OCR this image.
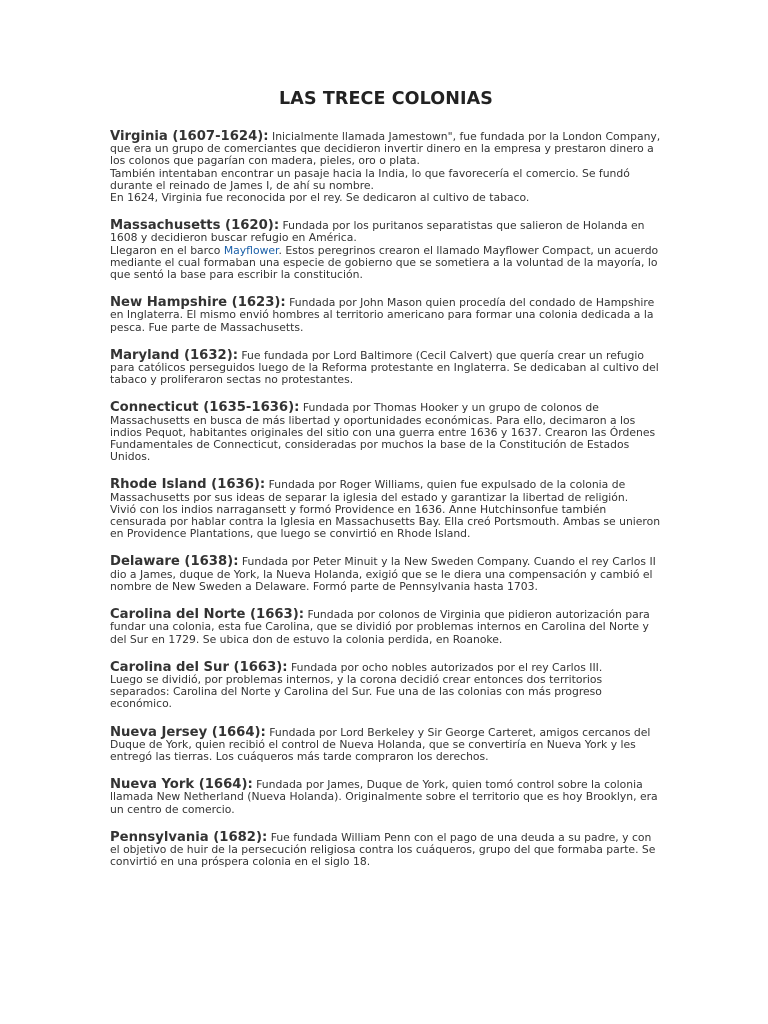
LAS TRECE COLONIAS

Virginia (1607-1624): Inicialmente llamada Jamestown", fue fundada por la London Company, que era un grupo de comerciantes que decidieron invertir dinero en la empresa y prestaron dinero a los colonos que pagarían con madera, pieles, oro o plata.

También intentaban encontrar un pasaje hacia la India, lo que favorecería el comercio. Se fundó durante el reinado de James I, de ahí su nombre.

En 1624, Virginia fue reconocida por el rey. Se dedicaron al cultivo de tabaco.

Massachusetts (1620): Fundada por los puritanos separatistas que salieron de Holanda en 1608 y decidieron buscar refugio en América.

Llegaron en el barco Mayflower. Estos peregrinos crearon el llamado Mayflower Compact, un acuerdo mediante el cual formaban una especie de gobierno que se sometiera a la voluntad de la mayoría, lo que sentó la base para escribir la constitución.

New Hampshire (1623): Fundada por John Mason quien procedía del condado de Hampshire en Inglaterra. El mismo envió hombres al territorio americano para formar una colonia dedicada a la pesca. Fue parte de Massachusetts.

Maryland (1632): Fue fundada por Lord Baltimore (Cecil Calvert) que quería crear un refugio para católicos perseguidos luego de la Reforma protestante en Inglaterra. Se dedicaban al cultivo del tabaco y proliferaron sectas no protestantes.

Connecticut (1635-1636): Fundada por Thomas Hooker y un grupo de colonos de Massachusetts en busca de más libertad y oportunidades económicas. Para ello, decimaron a los indios Pequot, habitantes originales del sitio con una guerra entre 1636 y 1637. Crearon las Órdenes Fundamentales de Connecticut, consideradas por muchos la base de la Constitución de Estados Unidos.

Rhode Island (1636): Fundada por Roger Williams, quien fue expulsado de la colonia de Massachusetts por sus ideas de separar la iglesia del estado y garantizar la libertad de religión.

Vivió con los indios narragansett y formó Providence en 1636. Anne Hutchinsonfue también censurada por hablar contra la Iglesia en Massachusetts Bay. Ella creó Portsmouth. Ambas se unieron en Providence Plantations, que luego se convirtió en Rhode Island.

Delaware (1638): Fundada por Peter Minuit y la New Sweden Company. Cuando el rey Carlos II dio a James, duque de York, la Nueva Holanda, exigió que se le diera una compensación y cambió el nombre de New Sweden a Delaware. Formó parte de Pennsylvania hasta 1703.

Carolina del Norte (1663): Fundada por colonos de Virginia que pidieron autorización para fundar una colonia, esta fue Carolina, que se dividió por problemas internos en Carolina del Norte y del Sur en 1729. Se ubica don de estuvo la colonia perdida, en Roanoke.

Carolina del Sur (1663): Fundada por ocho nobles autorizados por el rey Carlos III.

Luego se dividió, por problemas internos, y la corona decidió crear entonces dos territorios separados: Carolina del Norte y Carolina del Sur. Fue una de las colonias con más progreso económico.

Nueva Jersey (1664): Fundada por Lord Berkeley y Sir George Carteret, amigos cercanos del Duque de York, quien recibió el control de Nueva Holanda, que se convertiría en Nueva York y les entregó las tierras. Los cuáqueros más tarde compraron los derechos.

Nueva York (1664): Fundada por James, Duque de York, quien tomó control sobre la colonia llamada New Netherland (Nueva Holanda). Originalmente sobre el territorio que es hoy Brooklyn, era un centro de comercio.

Pennsylvania (1682): Fue fundada William Penn con el pago de una deuda a su padre, y con el objetivo de huir de la persecución religiosa contra los cuáqueros, grupo del que formaba parte. Se convirtió en una próspera colonia en el siglo 18.
